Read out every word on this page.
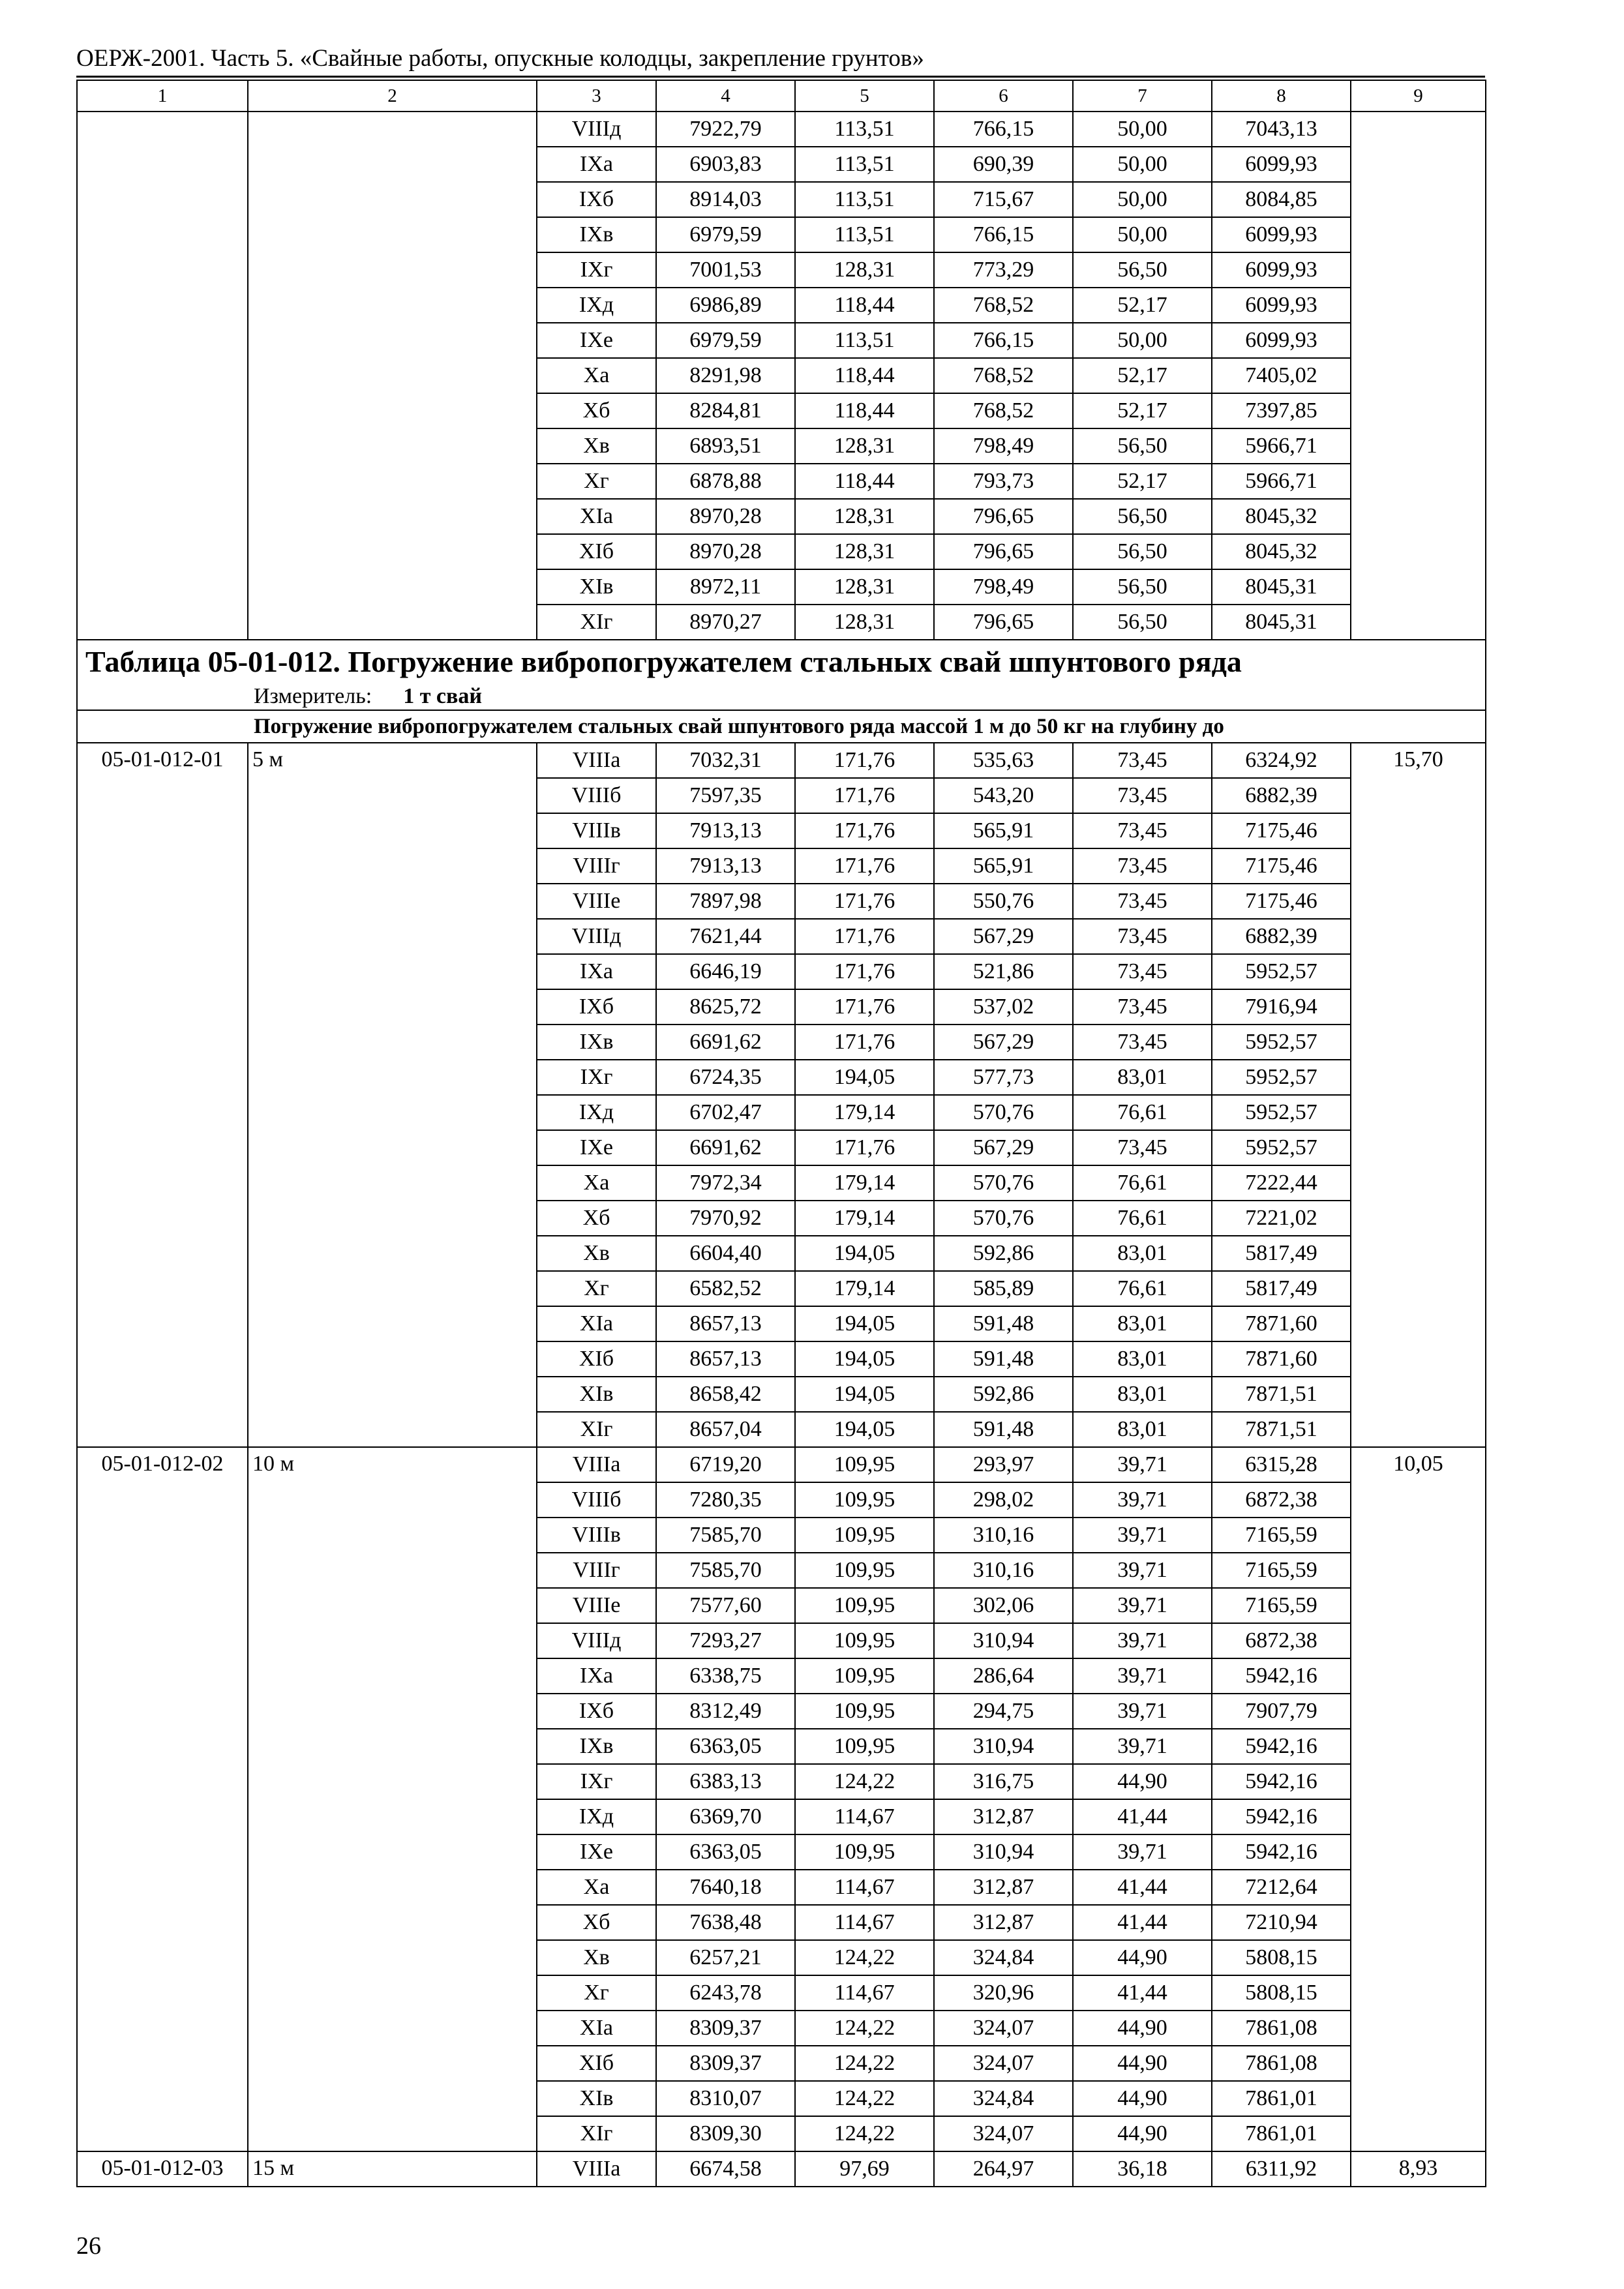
ОЕРЖ-2001. Часть 5. «Свайные работы, опускные колодцы, закрепление грунтов»
1	2	3	4	5	6	7	8	9
		VIIIд	7922,79	113,51	766,15	50,00	7043,13	
		IXа	6903,83	113,51	690,39	50,00	6099,93	
		IXб	8914,03	113,51	715,67	50,00	8084,85	
		IXв	6979,59	113,51	766,15	50,00	6099,93	
		IXг	7001,53	128,31	773,29	56,50	6099,93	
		IXд	6986,89	118,44	768,52	52,17	6099,93	
		IXе	6979,59	113,51	766,15	50,00	6099,93	
		Xа	8291,98	118,44	768,52	52,17	7405,02	
		Xб	8284,81	118,44	768,52	52,17	7397,85	
		Xв	6893,51	128,31	798,49	56,50	5966,71	
		Xг	6878,88	118,44	793,73	52,17	5966,71	
		XIа	8970,28	128,31	796,65	56,50	8045,32	
		XIб	8970,28	128,31	796,65	56,50	8045,32	
		XIв	8972,11	128,31	798,49	56,50	8045,31	
		XIг	8970,27	128,31	796,65	56,50	8045,31	
Таблица 05-01-012. Погружение вибропогружателем стальных свай шпунтового ряда								
Измеритель: 1 т свай								
Погружение вибропогружателем стальных свай шпунтового ряда массой 1 м до 50 кг на глубину до								
05-01-012-01	5 м	VIIIа	7032,31	171,76	535,63	73,45	6324,92	15,70
		VIIIб	7597,35	171,76	543,20	73,45	6882,39	
		VIIIв	7913,13	171,76	565,91	73,45	7175,46	
		VIIIг	7913,13	171,76	565,91	73,45	7175,46	
		VIIIе	7897,98	171,76	550,76	73,45	7175,46	
		VIIIд	7621,44	171,76	567,29	73,45	6882,39	
		IXа	6646,19	171,76	521,86	73,45	5952,57	
		IXб	8625,72	171,76	537,02	73,45	7916,94	
		IXв	6691,62	171,76	567,29	73,45	5952,57	
		IXг	6724,35	194,05	577,73	83,01	5952,57	
		IXд	6702,47	179,14	570,76	76,61	5952,57	
		IXе	6691,62	171,76	567,29	73,45	5952,57	
		Xа	7972,34	179,14	570,76	76,61	7222,44	
		Xб	7970,92	179,14	570,76	76,61	7221,02	
		Xв	6604,40	194,05	592,86	83,01	5817,49	
		Xг	6582,52	179,14	585,89	76,61	5817,49	
		XIа	8657,13	194,05	591,48	83,01	7871,60	
		XIб	8657,13	194,05	591,48	83,01	7871,60	
		XIв	8658,42	194,05	592,86	83,01	7871,51	
		XIг	8657,04	194,05	591,48	83,01	7871,51	
05-01-012-02	10 м	VIIIа	6719,20	109,95	293,97	39,71	6315,28	10,05
		VIIIб	7280,35	109,95	298,02	39,71	6872,38	
		VIIIв	7585,70	109,95	310,16	39,71	7165,59	
		VIIIг	7585,70	109,95	310,16	39,71	7165,59	
		VIIIе	7577,60	109,95	302,06	39,71	7165,59	
		VIIIд	7293,27	109,95	310,94	39,71	6872,38	
		IXа	6338,75	109,95	286,64	39,71	5942,16	
		IXб	8312,49	109,95	294,75	39,71	7907,79	
		IXв	6363,05	109,95	310,94	39,71	5942,16	
		IXг	6383,13	124,22	316,75	44,90	5942,16	
		IXд	6369,70	114,67	312,87	41,44	5942,16	
		IXе	6363,05	109,95	310,94	39,71	5942,16	
		Xа	7640,18	114,67	312,87	41,44	7212,64	
		Xб	7638,48	114,67	312,87	41,44	7210,94	
		Xв	6257,21	124,22	324,84	44,90	5808,15	
		Xг	6243,78	114,67	320,96	41,44	5808,15	
		XIа	8309,37	124,22	324,07	44,90	7861,08	
		XIб	8309,37	124,22	324,07	44,90	7861,08	
		XIв	8310,07	124,22	324,84	44,90	7861,01	
		XIг	8309,30	124,22	324,07	44,90	7861,01	
05-01-012-03	15 м	VIIIа	6674,58	97,69	264,97	36,18	6311,92	8,93
26
